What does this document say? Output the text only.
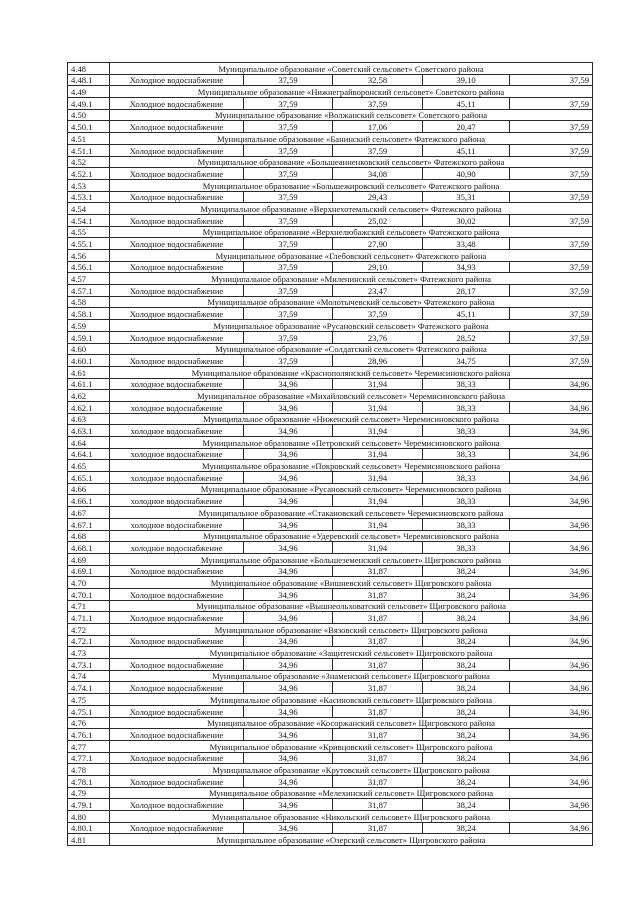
4.48	Муниципальное образование «Советский сельсовет» Советского района				
4.48.1	Холодное водоснабжение	37,59	32,58	39,10	37,59
4.49	Муниципальное образование «Нижнеграйворонский сельсовет» Советского района				
4.49.1	Холодное водоснабжение	37,59	37,59	45,11	37,59
4.50	Муниципальное образование «Волжанский сельсовет» Советского района				
4.50.1	Холодное водоснабжение	37,59	17,06	20,47	37,59
4.51	Муниципальное образование «Банинский сельсовет» Фатежского района				
4.51.1	Холодное водоснабжение	37,59	37,59	45,11	37,59
4.52	Муниципальное образование «Большеанненковский сельсовет» Фатежского района				
4.52.1	Холодное водоснабжение	37,59	34,08	40,90	37,59
4.53	Муниципальное образование «Большежировский сельсовет» Фатежского района				
4.53.1	Холодное водоснабжение	37,59	29,43	35,31	37,59
4.54	Муниципальное образование «Верхнехотемльский сельсовет» Фатежского района				
4.54.1	Холодное водоснабжение	37,59	25,02	30,02	37,59
4.55	Муниципальное образование «Верхнелюбажский сельсовет» Фатежского района				
4.55.1	Холодное водоснабжение	37,59	27,90	33,48	37,59
4.56	Муниципальное образование «Глебовский сельсовет» Фатежского района				
4.56.1	Холодное водоснабжение	37,59	29,10	34,93	37,59
4.57	Муниципальное образование «Миленинский сельсовет» Фатежского района				
4.57.1	Холодное водоснабжение	37,59	23,47	28,17	37,59
4.58	Муниципальное образование «Молотычевский сельсовет» Фатежского района				
4.58.1	Холодное водоснабжение	37,59	37,59	45,11	37,59
4.59	Муниципальное образование «Русановский сельсовет» Фатежского района				
4.59.1	Холодное водоснабжение	37,59	23,76	28,52	37,59
4.60	Муниципальное образование «Солдатский сельсовет» Фатежского района				
4.60.1	Холодное водоснабжение	37,59	28,96	34,75	37,59
4.61	Муниципальное образование «Краснополянский сельсовет» Черемисиновского района				
4.61.1	холодное водоснабжение	34,96	31,94	38,33	34,96
4.62	Муниципальное образование «Михайловский сельсовет» Черемисиновского района				
4.62.1	холодное водоснабжение	34,96	31,94	38,33	34,96
4.63	Муниципальное образование «Ниженский сельсовет» Черемисиновского района				
4.63.1	холодное водоснабжение	34,96	31,94	38,33	34,96
4.64	Муниципальное образование «Петровский сельсовет» Черемисиновского района				
4.64.1	холодное водоснабжение	34,96	31,94	38,33	34,96
4.65	Муниципальное образование «Покровский сельсовет» Черемисиновского района				
4.65.1	холодное водоснабжение	34,96	31,94	38,33	34,96
4.66	Муниципальное образование «Русановский сельсовет» Черемисиновского района				
4.66.1	холодное водоснабжение	34,96	31,94	38,33	34,96
4.67	Муниципальное образование «Стакановский сельсовет» Черемисиновского района				
4.67.1	холодное водоснабжение	34,96	31,94	38,33	34,96
4.68	Муниципальное образование «Удеревский сельсовет» Черемисиновского района				
4.68.1	холодное водоснабжение	34,96	31,94	38,33	34,96
4.69	Муниципальное образование «Большеземенский сельсовет» Щигровского района				
4.69.1	Холодное водоснабжение	34,96	31,87	38,24	34,96
4.70	Муниципальное образование «Вишневский сельсовет» Щигровского района				
4.70.1	Холодное водоснабжение	34,96	31,87	38,24	34,96
4.71	Муниципальное образование «Вышнеольховатский сельсовет» Щигровского района				
4.71.1	Холодное водоснабжение	34,96	31,87	38,24	34,96
4.72	Муниципальное образование «Вязовский сельсовет» Щигровского района				
4.72.1	Холодное водоснабжение	34,96	31,87	38,24	34,96
4.73	Муниципальное образование «Защитенский сельсовет» Щигровского района				
4.73.1	Холодное водоснабжение	34,96	31,87	38,24	34,96
4.74	Муниципальное образование «Знаменский сельсовет» Щигровского района				
4.74.1	Холодное водоснабжение	34,96	31,87	38,24	34,96
4.75	Муниципальное образование «Касиновский сельсовет» Щигровского района				
4.75.1	Холодное водоснабжение	34,96	31,87	38,24	34,96
4.76	Муниципальное образование «Косоржанский сельсовет» Щигровского района				
4.76.1	Холодное водоснабжение	34,96	31,87	38,24	34,96
4.77	Муниципальное образование «Кривцовский сельсовет» Щигровского района				
4.77.1	Холодное водоснабжение	34,96	31,87	38,24	34,96
4.78	Муниципальное образование «Крутовский сельсовет» Щигровского района				
4.78.1	Холодное водоснабжение	34,96	31,87	38,24	34,96
4.79	Муниципальное образование «Мелехинский сельсовет» Щигровского района				
4.79.1	Холодное водоснабжение	34,96	31,87	38,24	34,96
4.80	Муниципальное образование «Никольский сельсовет» Щигровского района				
4.80.1	Холодное водоснабжение	34,96	31,87	38,24	34,96
4.81	Муниципальное образование «Озерский сельсовет» Щигровского района				
